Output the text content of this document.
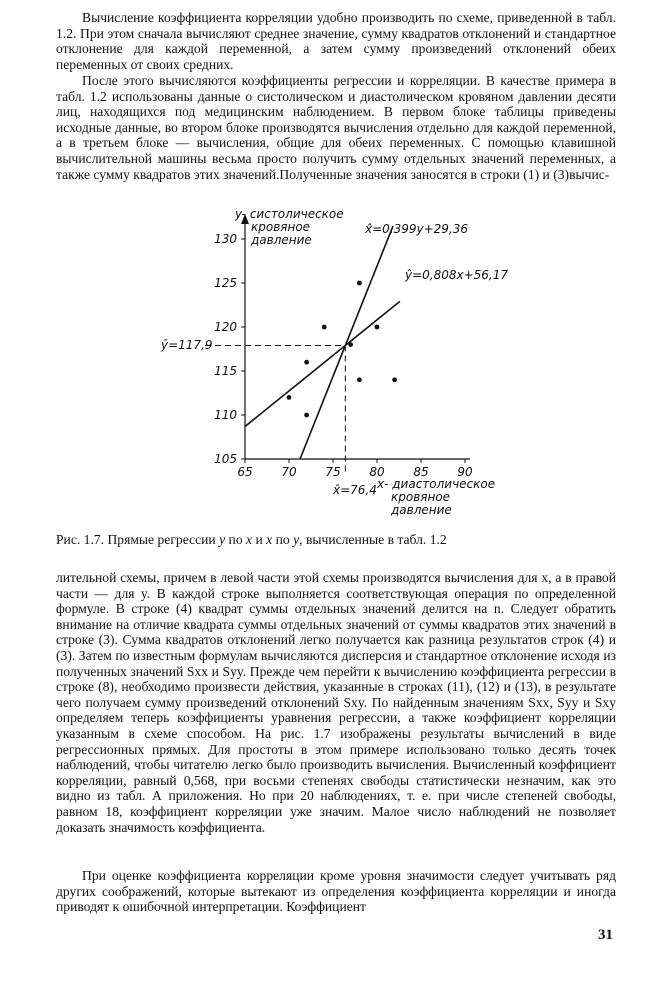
Вычисление коэффициента корреляции удобно производить по схеме, приведенной в табл. 1.2. При этом сначала вычисляют среднее значение, сумму квадратов отклонений и стандартное отклонение для каждой переменной, а затем сумму произведений отклонений обеих переменных от своих средних.

После этого вычисляются коэффициенты регрессии и корреляции. В качестве примера в табл. 1.2 использованы данные о систолическом и диастолическом кровяном давлении десяти лиц, находящихся под медицинским наблюдением. В первом блоке таблицы приведены исходные данные, во втором блоке производятся вычисления отдельно для каждой переменной, а в третьем блоке — вычисления, общие для обеих переменных. С помощью клавишной вычислительной машины весьма просто получить сумму отдельных значений переменных, а также сумму квадратов этих значений.Полученные значения заносятся в строки (1) и (3)вычис-

65 70 75 80 85 90
105
110
115
120
125
130
y- систолическое
кровяное
давление
x- диастолическое
кровяное
давление
x̂=0,399y+29,36
ŷ=0,808x+56,17
x̄=76,4
ȳ=117,9

Рис. 1.7. Прямые регрессии y по x и x по y, вычисленные в табл. 1.2

лительной схемы, причем в левой части этой схемы производятся вычисления для x, а в правой части — для y. В каждой строке выполняется соответствующая операция по определенной формуле. В строке (4) квадрат суммы отдельных значений делится на n. Следует обратить внимание на отличие квадрата суммы отдельных значений от суммы квадратов этих значений в строке (3). Сумма квадратов отклонений легко получается как разница результатов строк (4) и (3). Затем по известным формулам вычисляются дисперсия и стандартное отклонение исходя из полученных значений Sxx и Syy. Прежде чем перейти к вычислению коэффициента регрессии в строке (8), необходимо произвести действия, указанные в строках (11), (12) и (13), в результате чего получаем сумму произведений отклонений Sxy. По найденным значениям Sxx, Syy и Sxy определяем теперь коэффициенты уравнения регрессии, а также коэффициент корреляции указанным в схеме способом. На рис. 1.7 изображены результаты вычислений в виде регрессионных прямых. Для простоты в этом примере использовано только десять точек наблюдений, чтобы читателю легко было производить вычисления. Вычисленный коэффициент корреляции, равный 0,568, при восьми степенях свободы статистически незначим, как это видно из табл. А приложения. Но при 20 наблюдениях, т. е. при числе степеней свободы, равном 18, коэффициент корреляции уже значим. Малое число наблюдений не позволяет доказать значимость коэффициента.

При оценке коэффициента корреляции кроме уровня значимости следует учитывать ряд других соображений, которые вытекают из определения коэффициента корреляции и иногда приводят к ошибочной интерпретации. Коэффициент

31
